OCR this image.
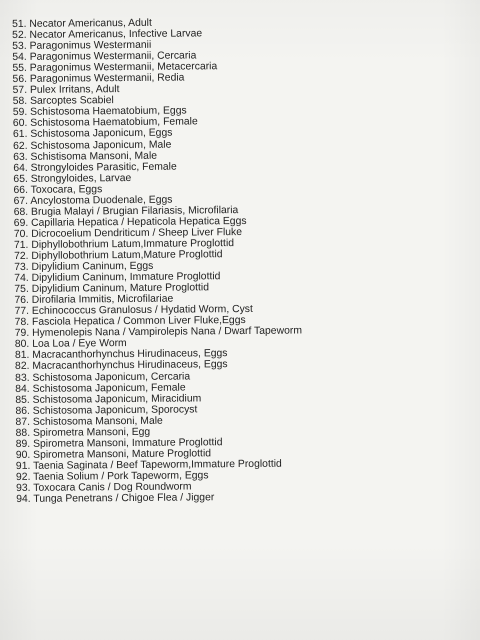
51. Necator Americanus, Adult
52. Necator Americanus, Infective Larvae
53. Paragonimus Westermanii
54. Paragonimus Westermanii, Cercaria
55. Paragonimus Westermanii, Metacercaria
56. Paragonimus Westermanii, Redia
57. Pulex Irritans, Adult
58. Sarcoptes Scabiel
59. Schistosoma Haematobium, Eggs
60. Schistosoma Haematobium, Female
61. Schistosoma Japonicum, Eggs
62. Schistosoma Japonicum, Male
63. Schistisoma Mansoni, Male
64. Strongyloides Parasitic, Female
65. Strongyloides, Larvae
66. Toxocara, Eggs
67. Ancylostoma Duodenale, Eggs
68. Brugia Malayi / Brugian Filariasis, Microfilaria
69. Capillaria Hepatica / Hepaticola Hepatica Eggs
70. Dicrocoelium Dendriticum / Sheep Liver Fluke
71. Diphyllobothrium Latum,Immature Proglottid
72. Diphyllobothrium Latum,Mature Proglottid
73. Dipylidium Caninum, Eggs
74. Dipylidium Caninum, Immature Proglottid
75. Dipylidium Caninum, Mature Proglottid
76. Dirofilaria Immitis, Microfilariae
77. Echinococcus Granulosus / Hydatid Worm, Cyst
78. Fasciola Hepatica / Common Liver Fluke,Eggs
79. Hymenolepis Nana / Vampirolepis Nana / Dwarf Tapeworm
80. Loa Loa / Eye Worm
81. Macracanthorhynchus Hirudinaceus, Eggs
82. Macracanthorhynchus Hirudinaceus, Eggs
83. Schistosoma Japonicum, Cercaria
84. Schistosoma Japonicum, Female
85. Schistosoma Japonicum, Miracidium
86. Schistosoma Japonicum, Sporocyst
87. Schistosoma Mansoni, Male
88. Spirometra Mansoni, Egg
89. Spirometra Mansoni, Immature Proglottid
90. Spirometra Mansoni, Mature Proglottid
91. Taenia Saginata / Beef Tapeworm,Immature Proglottid
92. Taenia Solium / Pork Tapeworm, Eggs
93. Toxocara Canis / Dog Roundworm
94. Tunga Penetrans / Chigoe Flea / Jigger
